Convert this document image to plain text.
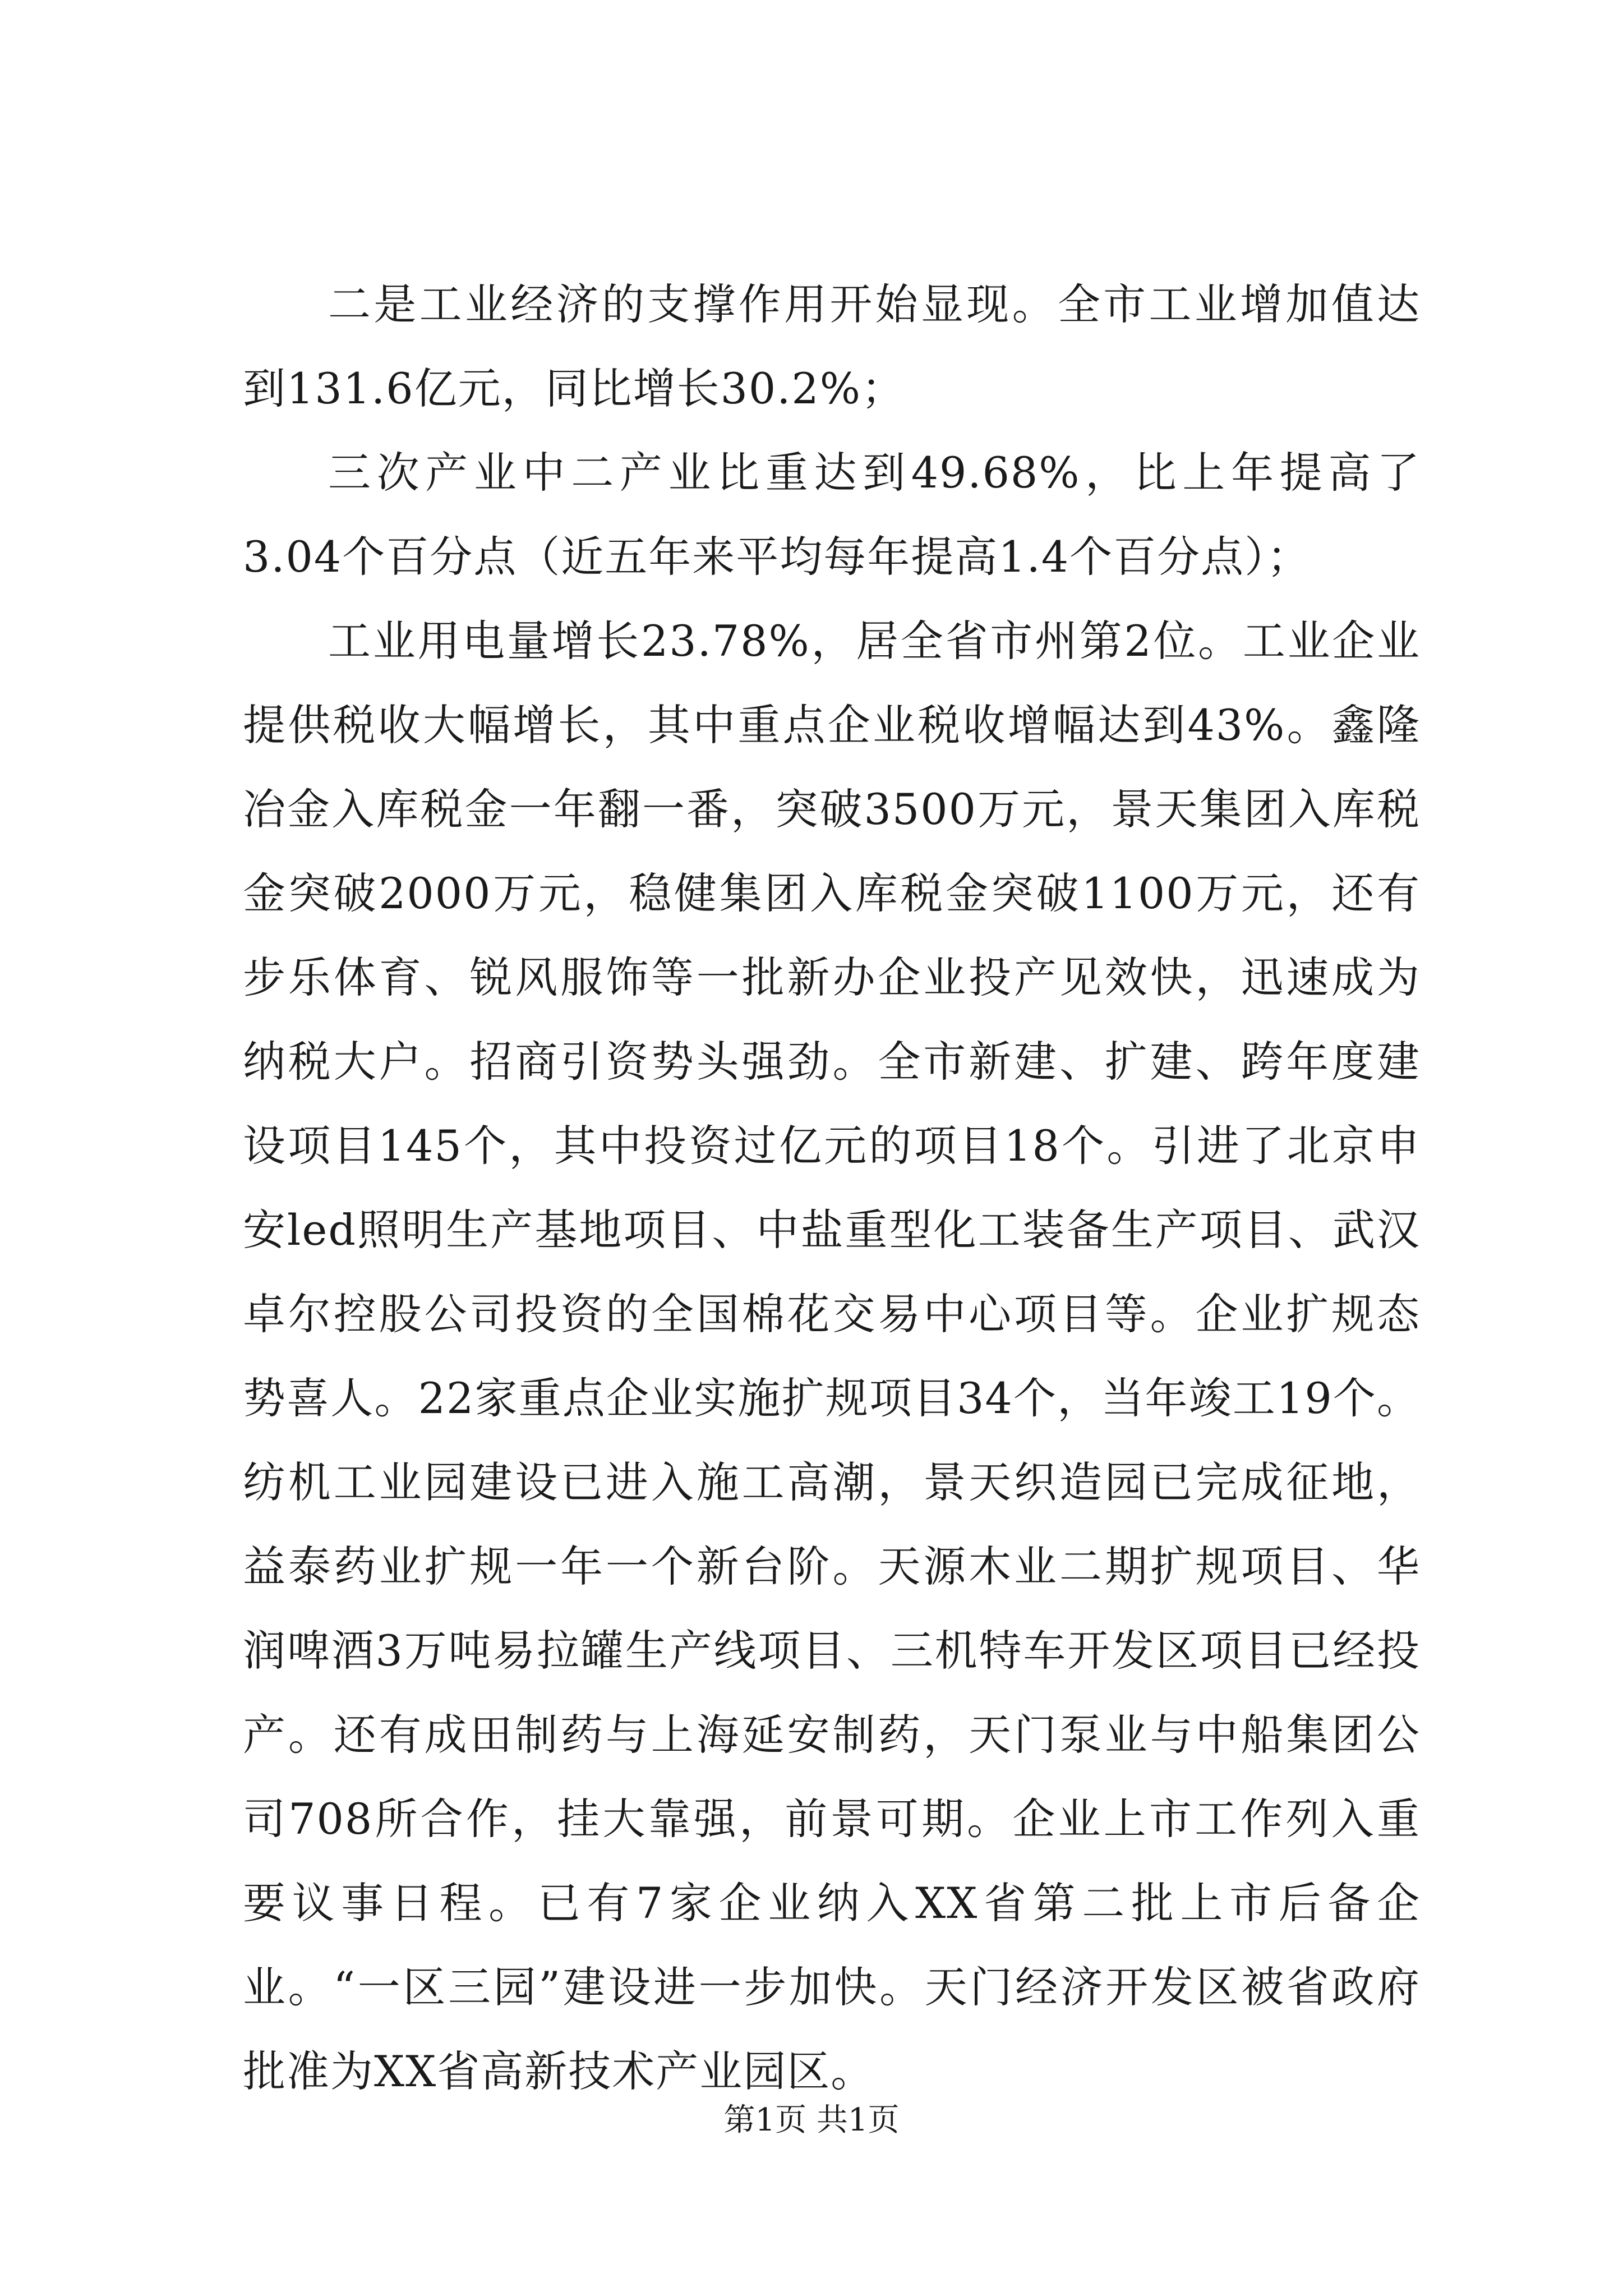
二是工业经济的支撑作用开始显现。全市工业增加值达到131.6亿元，同比增长30.2%；

三次产业中二产业比重达到49.68%，比上年提高了3.04个百分点（近五年来平均每年提高1.4个百分点）；

工业用电量增长23.78%，居全省市州第2位。工业企业提供税收大幅增长，其中重点企业税收增幅达到43%。鑫隆冶金入库税金一年翻一番，突破3500万元，景天集团入库税金突破2000万元，稳健集团入库税金突破1100万元，还有步乐体育、锐风服饰等一批新办企业投产见效快，迅速成为纳税大户。招商引资势头强劲。全市新建、扩建、跨年度建设项目145个，其中投资过亿元的项目18个。引进了北京申安led照明生产基地项目、中盐重型化工装备生产项目、武汉卓尔控股公司投资的全国棉花交易中心项目等。企业扩规态势喜人。22家重点企业实施扩规项目34个，当年竣工19个。纺机工业园建设已进入施工高潮，景天织造园已完成征地，益泰药业扩规一年一个新台阶。天源木业二期扩规项目、华润啤酒3万吨易拉罐生产线项目、三机特车开发区项目已经投产。还有成田制药与上海延安制药，天门泵业与中船集团公司708所合作，挂大靠强，前景可期。企业上市工作列入重要议事日程。已有7家企业纳入XX省第二批上市后备企业。“一区三园”建设进一步加快。天门经济开发区被省政府批准为XX省高新技术产业园区。

第1页 共1页
